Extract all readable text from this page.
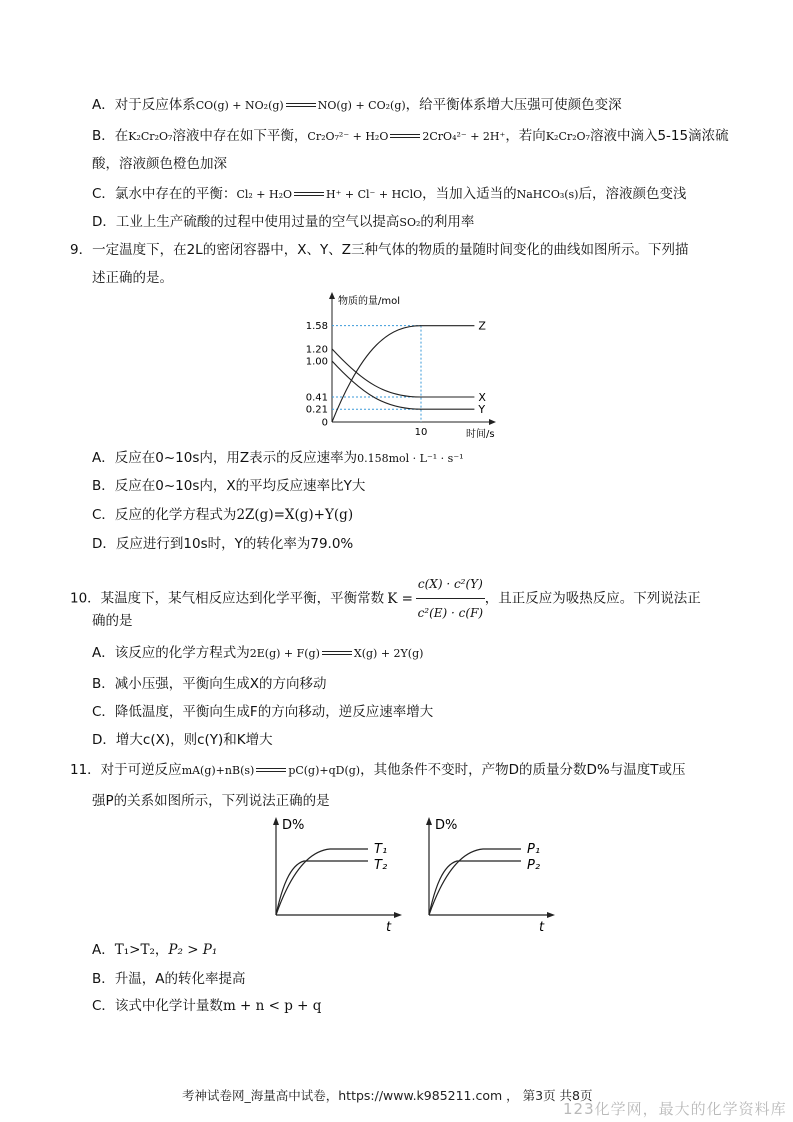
A．对于反应体系CO(g) + NO₂(g)	NO(g) + CO₂(g)，给平衡体系增大压强可使颜色变深
B．在K₂Cr₂O₇溶液中存在如下平衡，Cr₂O₇²⁻ + H₂O	2CrO₄²⁻ + 2H⁺，若向K₂Cr₂O₇溶液中滴入5-15滴浓硫
酸，溶液颜色橙色加深
C．氯水中存在的平衡：Cl₂ + H₂O	H⁺ + Cl⁻ + HClO，当加入适当的NaHCO₃(s)后，溶液颜色变浅
D．工业上生产硫酸的过程中使用过量的空气以提高SO₂的利用率
9．一定温度下，在2L的密闭容器中，X、Y、Z三种气体的物质的量随时间变化的曲线如图所示。下列描
述正确的是。
物质的量/mol
时间/s
1.58
1.20
1.00
0.41
0.21
0
10
Z
X
Y
A．反应在0~10s内，用Z表示的反应速率为0.158mol · L⁻¹ · s⁻¹
B．反应在0~10s内，X的平均反应速率比Y大
C．反应的化学方程式为2Z(g)=X(g)+Y(g)
D．反应进行到10s时，Y的转化率为79.0%
10．某温度下，某气相反应达到化学平衡，平衡常数 $K = \frac{\text{c(X) · c²(Y)}}{\text{c²(E) · c(F)}}$ ，且正反应为吸热反应。下列说法正
确的是
A．该反应的化学方程式为2E(g) + F(g)	X(g) + 2Y(g)
B．减小压强，平衡向生成X的方向移动
C．降低温度，平衡向生成F的方向移动，逆反应速率增大
D．增大c(X)，则c(Y)和K增大
11．对于可逆反应mA(g)+nB(s)	pC(g)+qD(g)，其他条件不变时，产物D的质量分数D%与温度T或压
强P的关系如图所示，下列说法正确的是
D%
t
T₁
T₂
D%
t
P₁
P₂
A．T₁>T₂，P₂ > P₁
B．升温，A的转化率提高
C．该式中化学计量数m + n < p + q
考神试卷网_海量高中试卷，https://www.k985211.com ， 第3页 共8页
123化学网，最大的化学资料库
